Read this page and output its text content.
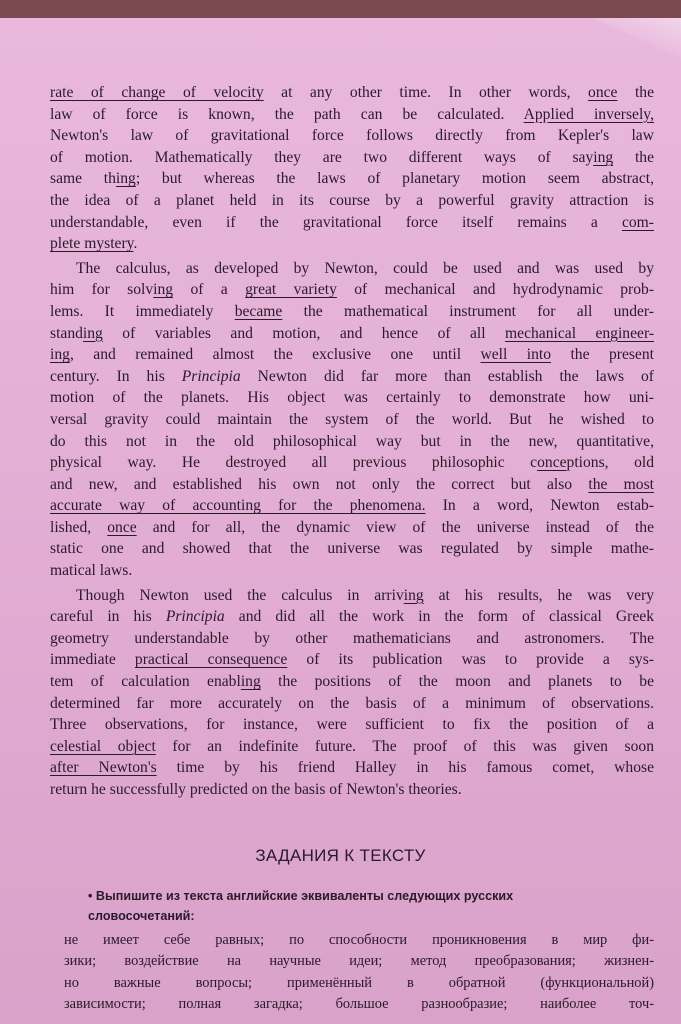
rate of change of velocity at any other time. In other words, once the
law of force is known, the path can be calculated. Applied inversely,
Newton's law of gravitational force follows directly from Kepler's law
of motion. Mathematically they are two different ways of saying the
same thing; but whereas the laws of planetary motion seem abstract,
the idea of a planet held in its course by a powerful gravity attraction is
understandable, even if the gravitational force itself remains a com-
plete mystery.
The calculus, as developed by Newton, could be used and was used by
him for solving of a great variety of mechanical and hydrodynamic prob-
lems. It immediately became the mathematical instrument for all under-
standing of variables and motion, and hence of all mechanical engineer-
ing, and remained almost the exclusive one until well into the present
century. In his Principia Newton did far more than establish the laws of
motion of the planets. His object was certainly to demonstrate how uni-
versal gravity could maintain the system of the world. But he wished to
do this not in the old philosophical way but in the new, quantitative,
physical way. He destroyed all previous philosophic conceptions, old
and new, and established his own not only the correct but also the most
accurate way of accounting for the phenomena. In a word, Newton estab-
lished, once and for all, the dynamic view of the universe instead of the
static one and showed that the universe was regulated by simple mathe-
matical laws.
Though Newton used the calculus in arriving at his results, he was very
careful in his Principia and did all the work in the form of classical Greek
geometry understandable by other mathematicians and astronomers. The
immediate practical consequence of its publication was to provide a sys-
tem of calculation enabling the positions of the moon and planets to be
determined far more accurately on the basis of a minimum of observations.
Three observations, for instance, were sufficient to fix the position of a
celestial object for an indefinite future. The proof of this was given soon
after Newton's time by his friend Halley in his famous comet, whose
return he successfully predicted on the basis of Newton's theories.
ЗАДАНИЯ К ТЕКСТУ
• Выпишите из текста английские эквиваленты следующих русских
словосочетаний:
не имеет себе равных; по способности проникновения в мир фи-
зики; воздействие на научные идеи; метод преобразования; жизнен-
но важные вопросы; применённый в обратной (функциональной)
зависимости; полная загадка; большое разнообразие; наиболее точ-
